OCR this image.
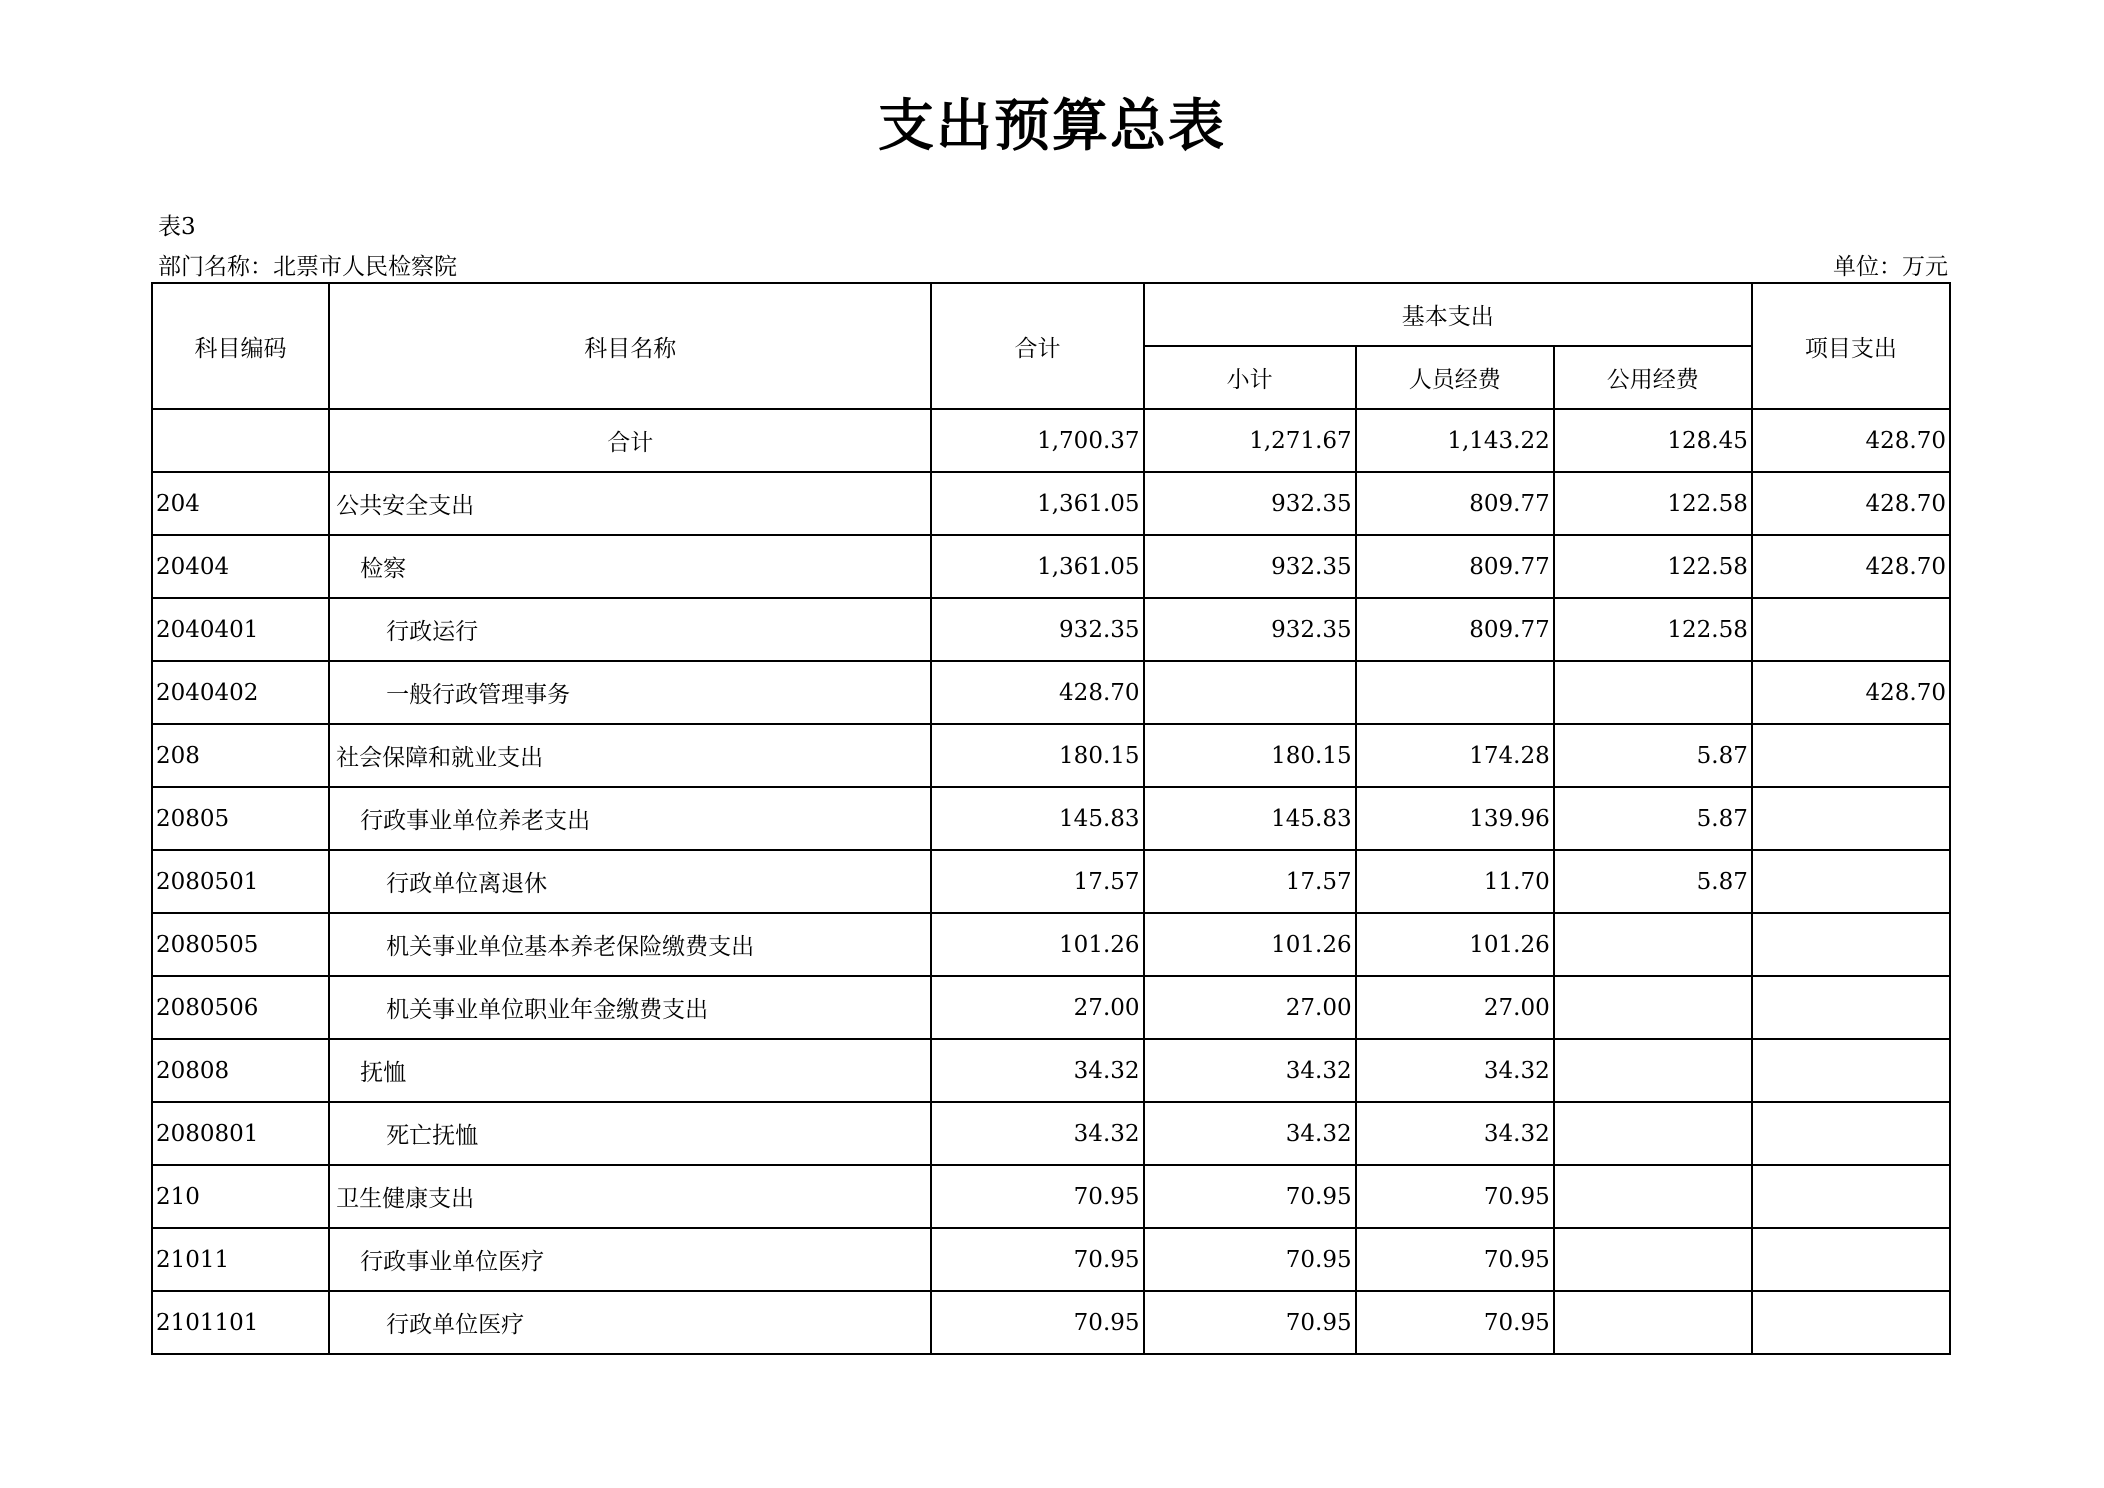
支出预算总表
表3
部门名称：北票市人民检察院	单位：万元
科目编码	科目名称	合计	基本支出			项目支出
			小计	人员经费	公用经费	
	合计	1,700.37	1,271.67	1,143.22	128.45	428.70
204	公共安全支出	1,361.05	932.35	809.77	122.58	428.70
20404	检察	1,361.05	932.35	809.77	122.58	428.70
2040401	行政运行	932.35	932.35	809.77	122.58	
2040402	一般行政管理事务	428.70				428.70
208	社会保障和就业支出	180.15	180.15	174.28	5.87	
20805	行政事业单位养老支出	145.83	145.83	139.96	5.87	
2080501	行政单位离退休	17.57	17.57	11.70	5.87	
2080505	机关事业单位基本养老保险缴费支出	101.26	101.26	101.26		
2080506	机关事业单位职业年金缴费支出	27.00	27.00	27.00		
20808	抚恤	34.32	34.32	34.32		
2080801	死亡抚恤	34.32	34.32	34.32		
210	卫生健康支出	70.95	70.95	70.95		
21011	行政事业单位医疗	70.95	70.95	70.95		
2101101	行政单位医疗	70.95	70.95	70.95		
